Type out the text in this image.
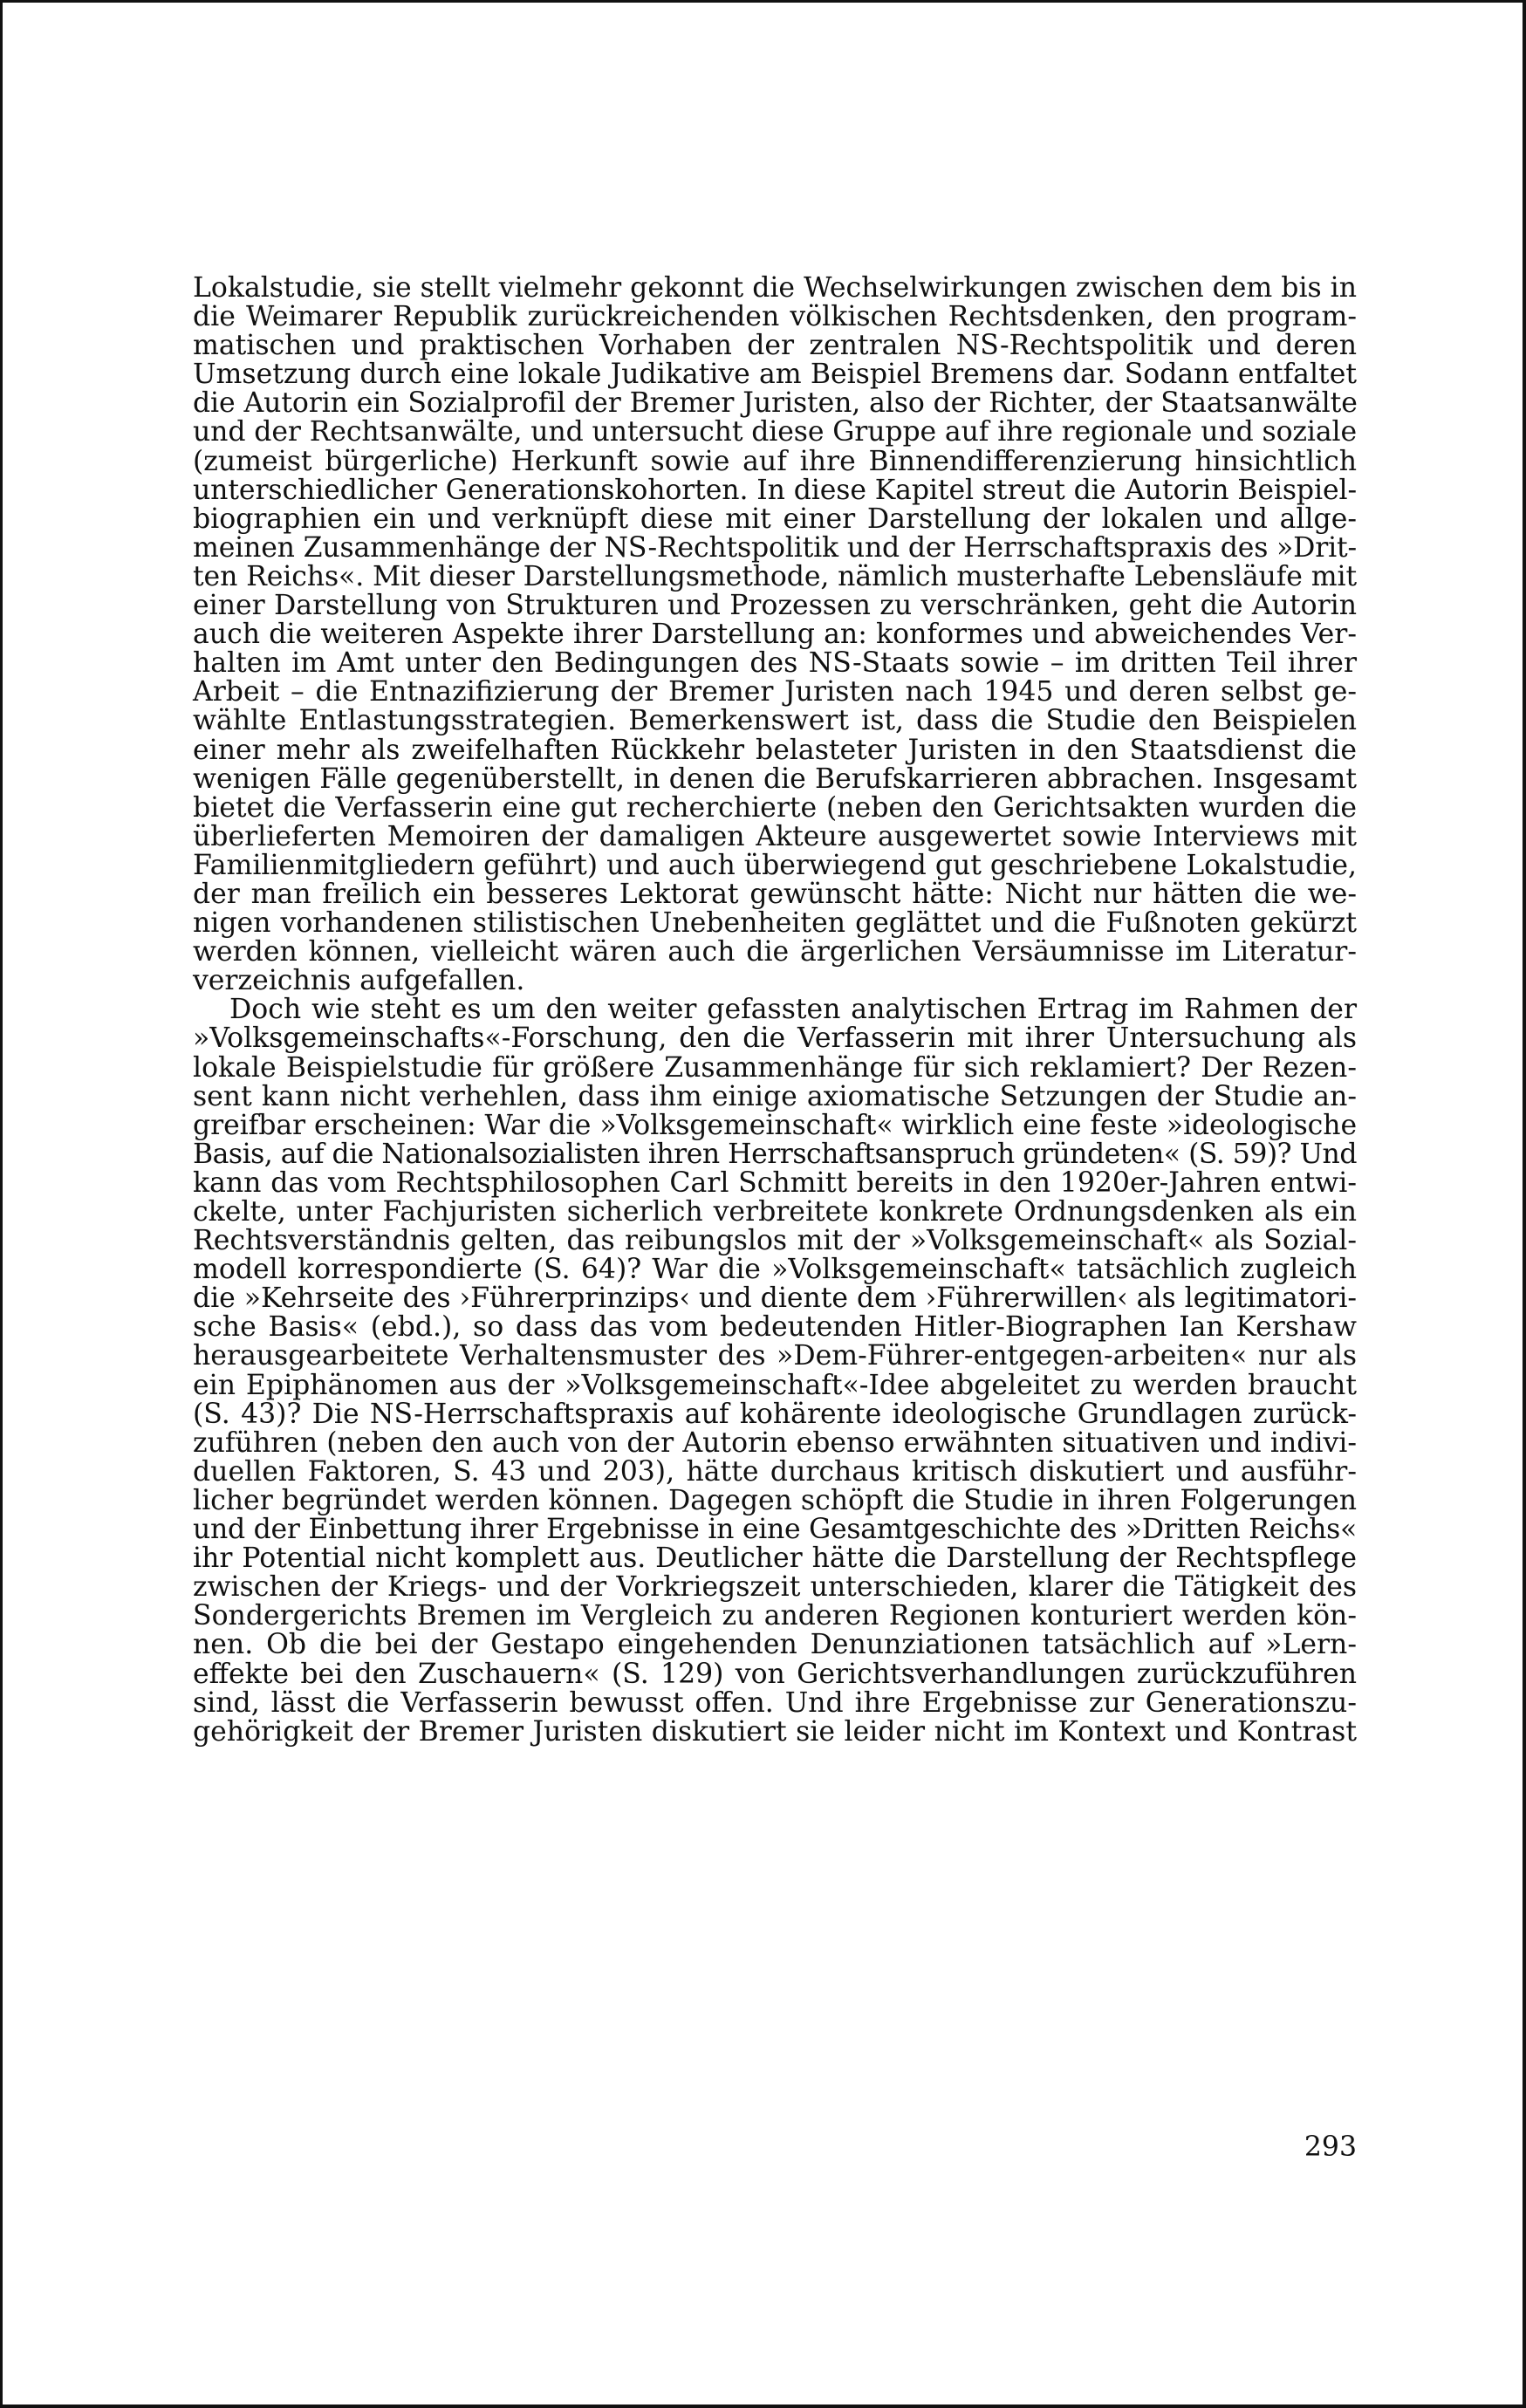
Lokalstudie, sie stellt vielmehr gekonnt die Wechselwirkungen zwischen dem bis in
die Weimarer Republik zurückreichenden völkischen Rechtsdenken, den program-
matischen und praktischen Vorhaben der zentralen NS-Rechtspolitik und deren
Umsetzung durch eine lokale Judikative am Beispiel Bremens dar. Sodann entfaltet
die Autorin ein Sozialprofil der Bremer Juristen, also der Richter, der Staatsanwälte
und der Rechtsanwälte, und untersucht diese Gruppe auf ihre regionale und soziale
(zumeist bürgerliche) Herkunft sowie auf ihre Binnendifferenzierung hinsichtlich
unterschiedlicher Generationskohorten. In diese Kapitel streut die Autorin Beispiel-
biographien ein und verknüpft diese mit einer Darstellung der lokalen und allge-
meinen Zusammenhänge der NS-Rechtspolitik und der Herrschaftspraxis des »Drit-
ten Reichs«. Mit dieser Darstellungsmethode, nämlich musterhafte Lebensläufe mit
einer Darstellung von Strukturen und Prozessen zu verschränken, geht die Autorin
auch die weiteren Aspekte ihrer Darstellung an: konformes und abweichendes Ver-
halten im Amt unter den Bedingungen des NS-Staats sowie – im dritten Teil ihrer
Arbeit – die Entnazifizierung der Bremer Juristen nach 1945 und deren selbst ge-
wählte Entlastungsstrategien. Bemerkenswert ist, dass die Studie den Beispielen
einer mehr als zweifelhaften Rückkehr belasteter Juristen in den Staatsdienst die
wenigen Fälle gegenüberstellt, in denen die Berufskarrieren abbrachen. Insgesamt
bietet die Verfasserin eine gut recherchierte (neben den Gerichtsakten wurden die
überlieferten Memoiren der damaligen Akteure ausgewertet sowie Interviews mit
Familienmitgliedern geführt) und auch überwiegend gut geschriebene Lokalstudie,
der man freilich ein besseres Lektorat gewünscht hätte: Nicht nur hätten die we-
nigen vorhandenen stilistischen Unebenheiten geglättet und die Fußnoten gekürzt
werden können, vielleicht wären auch die ärgerlichen Versäumnisse im Literatur-
verzeichnis aufgefallen.
Doch wie steht es um den weiter gefassten analytischen Ertrag im Rahmen der
»Volksgemeinschafts«-Forschung, den die Verfasserin mit ihrer Untersuchung als
lokale Beispielstudie für größere Zusammenhänge für sich reklamiert? Der Rezen-
sent kann nicht verhehlen, dass ihm einige axiomatische Setzungen der Studie an-
greifbar erscheinen: War die »Volksgemeinschaft« wirklich eine feste »ideologische
Basis, auf die Nationalsozialisten ihren Herrschaftsanspruch gründeten« (S. 59)? Und
kann das vom Rechtsphilosophen Carl Schmitt bereits in den 1920er-Jahren entwi-
ckelte, unter Fachjuristen sicherlich verbreitete konkrete Ordnungsdenken als ein
Rechtsverständnis gelten, das reibungslos mit der »Volksgemeinschaft« als Sozial-
modell korrespondierte (S. 64)? War die »Volksgemeinschaft« tatsächlich zugleich
die »Kehrseite des ›Führerprinzips‹ und diente dem ›Führerwillen‹ als legitimatori-
sche Basis« (ebd.), so dass das vom bedeutenden Hitler-Biographen Ian Kershaw
herausgearbeitete Verhaltensmuster des »Dem-Führer-entgegen-arbeiten« nur als
ein Epiphänomen aus der »Volksgemeinschaft«-Idee abgeleitet zu werden braucht
(S. 43)? Die NS-Herrschaftspraxis auf kohärente ideologische Grundlagen zurück-
zuführen (neben den auch von der Autorin ebenso erwähnten situativen und indivi-
duellen Faktoren, S. 43 und 203), hätte durchaus kritisch diskutiert und ausführ-
licher begründet werden können. Dagegen schöpft die Studie in ihren Folgerungen
und der Einbettung ihrer Ergebnisse in eine Gesamtgeschichte des »Dritten Reichs«
ihr Potential nicht komplett aus. Deutlicher hätte die Darstellung der Rechtspflege
zwischen der Kriegs- und der Vorkriegszeit unterschieden, klarer die Tätigkeit des
Sondergerichts Bremen im Vergleich zu anderen Regionen konturiert werden kön-
nen. Ob die bei der Gestapo eingehenden Denunziationen tatsächlich auf »Lern-
effekte bei den Zuschauern« (S. 129) von Gerichtsverhandlungen zurückzuführen
sind, lässt die Verfasserin bewusst offen. Und ihre Ergebnisse zur Generationszu-
gehörigkeit der Bremer Juristen diskutiert sie leider nicht im Kontext und Kontrast
293
